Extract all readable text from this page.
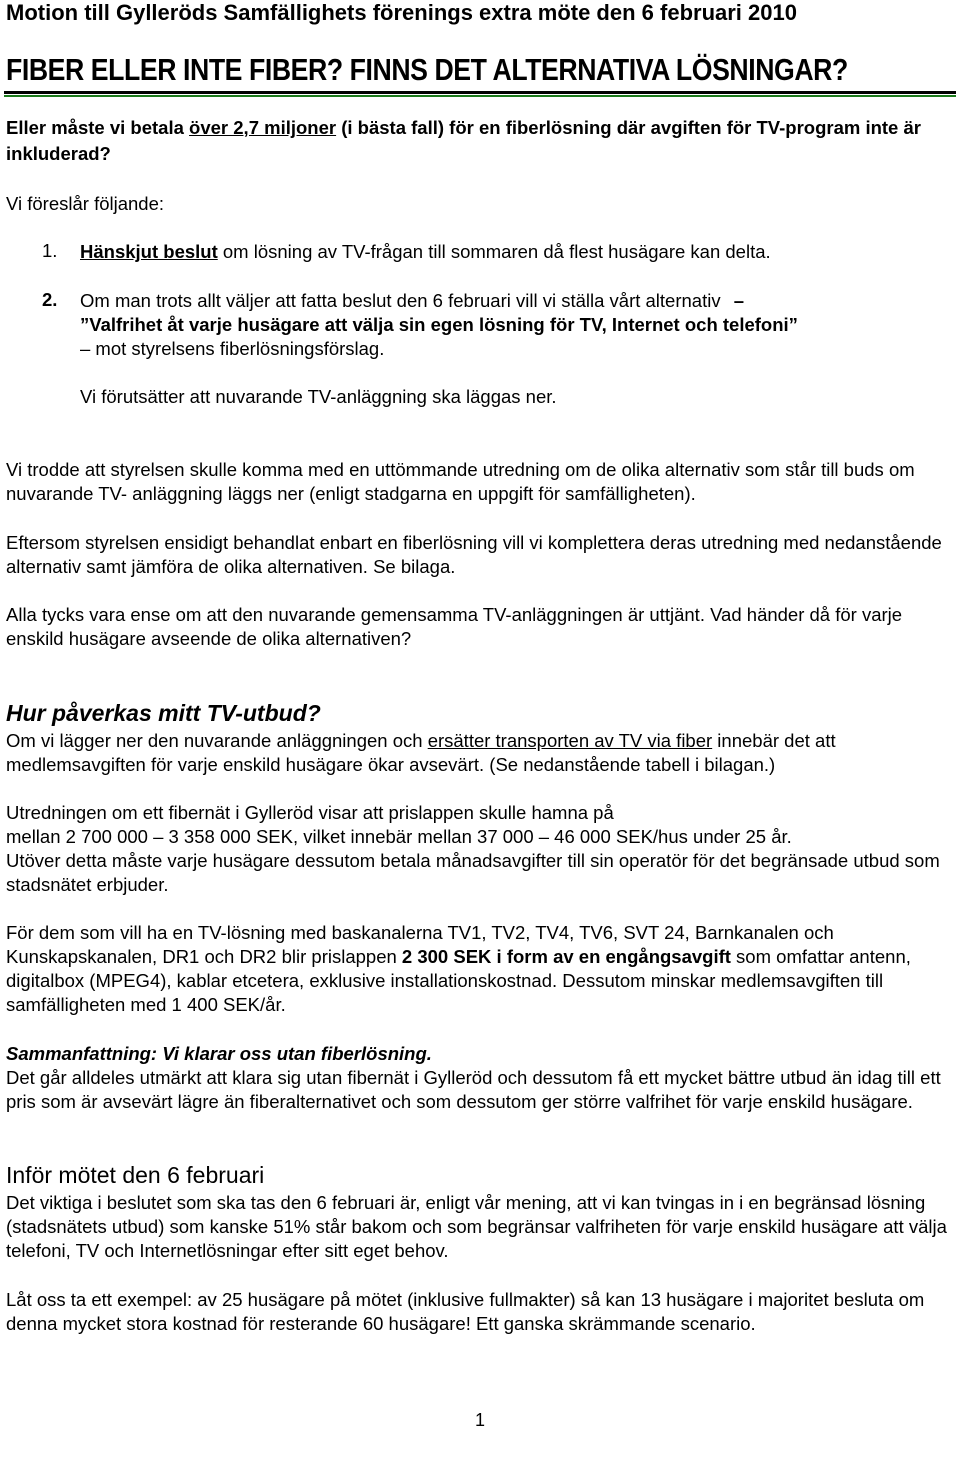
Motion till Gylleröds Samfällighets förenings extra möte den 6 februari 2010
FIBER ELLER INTE FIBER? FINNS DET ALTERNATIVA LÖSNINGAR?
Eller måste vi betala över 2,7 miljoner (i bästa fall) för en fiberlösning där avgiften för TV-program inte är inkluderad?
Vi föreslår följande:
1. Hänskjut beslut om lösning av TV-frågan till sommaren då flest husägare kan delta.
2. Om man trots allt väljer att fatta beslut den 6 februari vill vi ställa vårt alternativ –
”Valfrihet åt varje husägare att välja sin egen lösning för TV, Internet och telefoni”
– mot styrelsens fiberlösningsförslag.
Vi förutsätter att nuvarande TV-anläggning ska läggas ner.
Vi trodde att styrelsen skulle komma med en uttömmande utredning om de olika alternativ som står till buds om nuvarande TV- anläggning läggs ner (enligt stadgarna en uppgift för samfälligheten).
Eftersom styrelsen ensidigt behandlat enbart en fiberlösning vill vi komplettera deras utredning med nedanstående alternativ samt jämföra de olika alternativen. Se bilaga.
Alla tycks vara ense om att den nuvarande gemensamma TV-anläggningen är uttjänt. Vad händer då för varje enskild husägare avseende de olika alternativen?
Hur påverkas mitt TV-utbud?
Om vi lägger ner den nuvarande anläggningen och ersätter transporten av TV via fiber innebär det att medlemsavgiften för varje enskild husägare ökar avsevärt. (Se nedanstående tabell i bilagan.)
Utredningen om ett fibernät i Gylleröd visar att prislappen skulle hamna på
mellan 2 700 000 – 3 358 000 SEK, vilket innebär mellan 37 000 – 46 000 SEK/hus under 25 år.
Utöver detta måste varje husägare dessutom betala månadsavgifter till sin operatör för det begränsade utbud som stadsnätet erbjuder.
För dem som vill ha en TV-lösning med baskanalerna TV1, TV2, TV4, TV6, SVT 24, Barnkanalen och Kunskapskanalen, DR1 och DR2 blir prislappen 2 300 SEK i form av en engångsavgift som omfattar antenn, digitalbox (MPEG4), kablar etcetera, exklusive installationskostnad. Dessutom minskar medlemsavgiften till samfälligheten med 1 400 SEK/år.
Sammanfattning: Vi klarar oss utan fiberlösning.
Det går alldeles utmärkt att klara sig utan fibernät i Gylleröd och dessutom få ett mycket bättre utbud än idag till ett pris som är avsevärt lägre än fiberalternativet och som dessutom ger större valfrihet för varje enskild husägare.
Inför mötet den 6 februari
Det viktiga i beslutet som ska tas den 6 februari är, enligt vår mening, att vi kan tvingas in i en begränsad lösning (stadsnätets utbud) som kanske 51% står bakom och som begränsar valfriheten för varje enskild husägare att välja telefoni, TV och Internetlösningar efter sitt eget behov.
Låt oss ta ett exempel: av 25 husägare på mötet (inklusive fullmakter) så kan 13 husägare i majoritet besluta om denna mycket stora kostnad för resterande 60 husägare! Ett ganska skrämmande scenario.
1
